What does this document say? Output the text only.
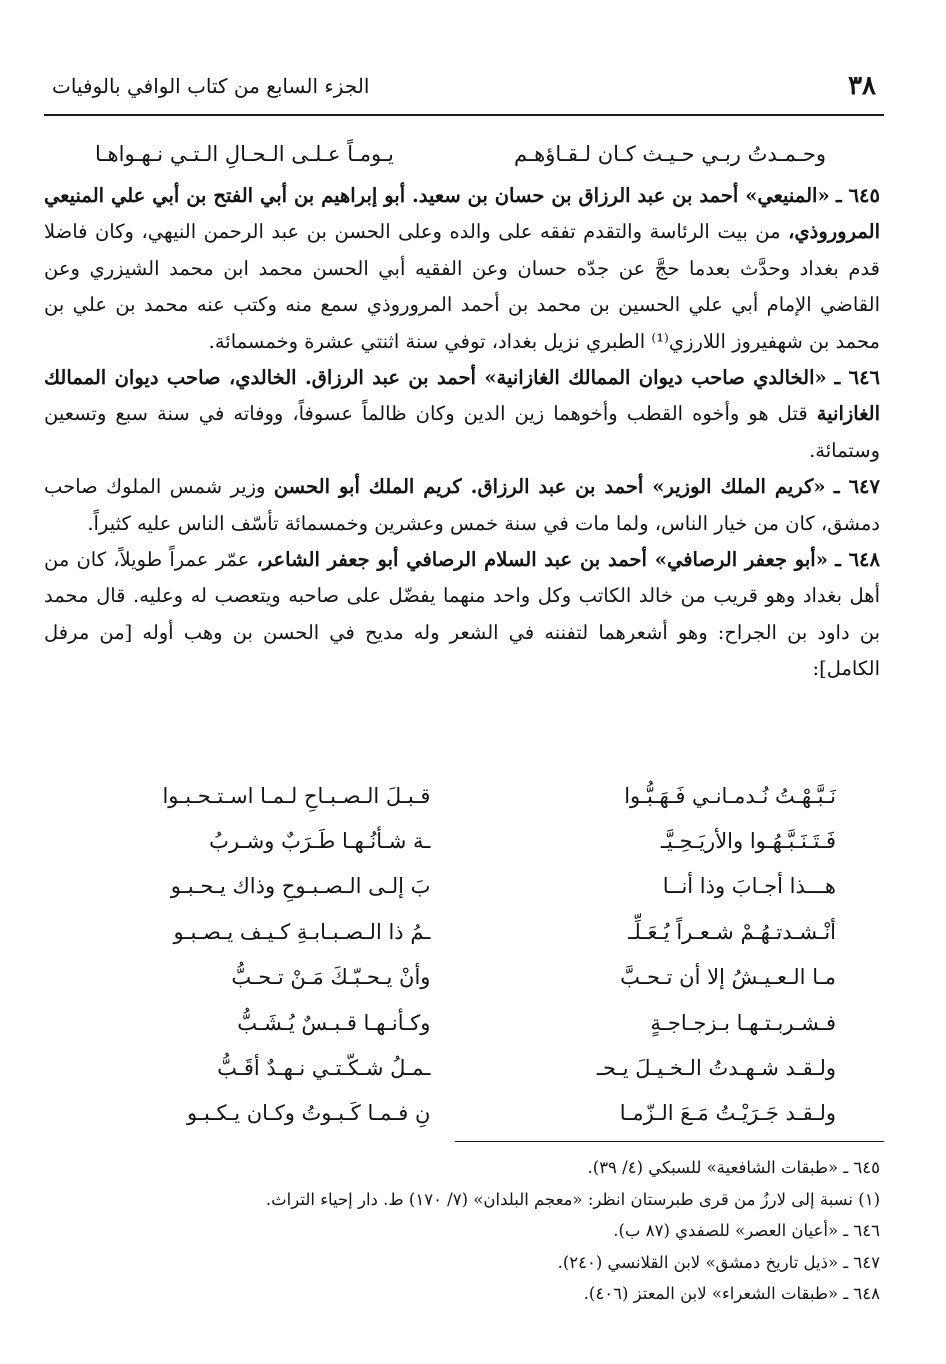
٣٨
الجزء السابع من كتاب الوافي بالوفيات
وحـمـدتُ ربـي حـيـث كـان لـقـاؤهـم
يـومـاً عـلـى الـحـالِ الـتـي نـهـواهـا

٦٤٥ ـ «المنيعي» أحمد بن عبد الرزاق بن حسان بن سعيد. أبو إبراهيم بن أبي الفتح بن أبي علي المنيعي المروروذي، من بيت الرئاسة والتقدم تفقه على والده وعلى الحسن بن عبد الرحمن النيهي، وكان فاضلا قدم بغداد وحدَّث بعدما حجَّ عن جدّه حسان وعن الفقيه أبي الحسن محمد ابن محمد الشيزري وعن القاضي الإمام أبي علي الحسين بن محمد بن أحمد المروروذي سمع منه وكتب عنه محمد بن علي بن محمد بن شهفيروز اللارزي⁽¹⁾ الطبري نزيل بغداد، توفي سنة اثنتي عشرة وخمسمائة.

٦٤٦ ـ «الخالدي صاحب ديوان الممالك الغازانية» أحمد بن عبد الرزاق. الخالدي، صاحب ديوان الممالك الغازانية قتل هو وأخوه القطب وأخوهما زين الدين وكان ظالماً عسوفاً، ووفاته في سنة سبع وتسعين وستمائة.

٦٤٧ ـ «كريم الملك الوزير» أحمد بن عبد الرزاق. كريم الملك أبو الحسن وزير شمس الملوك صاحب دمشق، كان من خيار الناس، ولما مات في سنة خمس وعشرين وخمسمائة تأسّف الناس عليه كثيراً.

٦٤٨ ـ «أبو جعفر الرصافي» أحمد بن عبد السلام الرصافي أبو جعفر الشاعر، عمّر عمراً طويلاً، كان من أهل بغداد وهو قريب من خالد الكاتب وكل واحد منهما يفضّل على صاحبه ويتعصب له وعليه. قال محمد بن داود بن الجراح: وهو أشعرهما لتفننه في الشعر وله مديح في الحسن بن وهب أوله [من مرفل الكامل]:

نَـبَّـهْـتُ نُـدمـانـي فَـهَـبُّـوا
قـبـلَ الـصـبـاحِ لـمـا اسـتـحـبـوا
فَـتَـنَـبَّـهُـوا والأريَـحِـيَّـ
ـة شـأنُـهـا طَـرَبٌ وشـربُ
هـــذا أجـابَ وذا أنــا
بَ إلـى الـصـبـوحِ وذاك يـحـبـو
أنْـشـدتـهُـمْ شـعـراً يُـعَـلِّـ
ـمُ ذا الـصـبـابـةِ كـيـف يـصـبـو
مـا الـعـيـشُ إلا أن تـحـبَّ
وأنْ يـحـبّـكَ مَـنْ تـحـبُّ
فـشـربـتـهـا بـزجـاجـةٍ
وكـأنـهـا قـبـسٌ يُـشَـبُّ
ولـقـد شـهـدتُ الـخـيـلَ يـحـ
ـمـلُ شـكّـتـي نـهـدٌ أقَـبُّ
ولـقـد جَـرَيْـتُ مَـعَ الـزّمـا
نِ فـمـا كَـبـوتُ وكـان يـكـبـو

٦٤٥ ـ «طبقات الشافعية» للسبكي (٤/ ٣٩).

(١) نسبة إلى لارزُ من قرى طبرستان انظر: «معجم البلدان» (٧/ ١٧٠) ط. دار إحياء التراث.

٦٤٦ ـ «أعيان العصر» للصفدي (٨٧ ب).

٦٤٧ ـ «ذيل تاريخ دمشق» لابن القلانسي (٢٤٠).

٦٤٨ ـ «طبقات الشعراء» لابن المعتز (٤٠٦).
